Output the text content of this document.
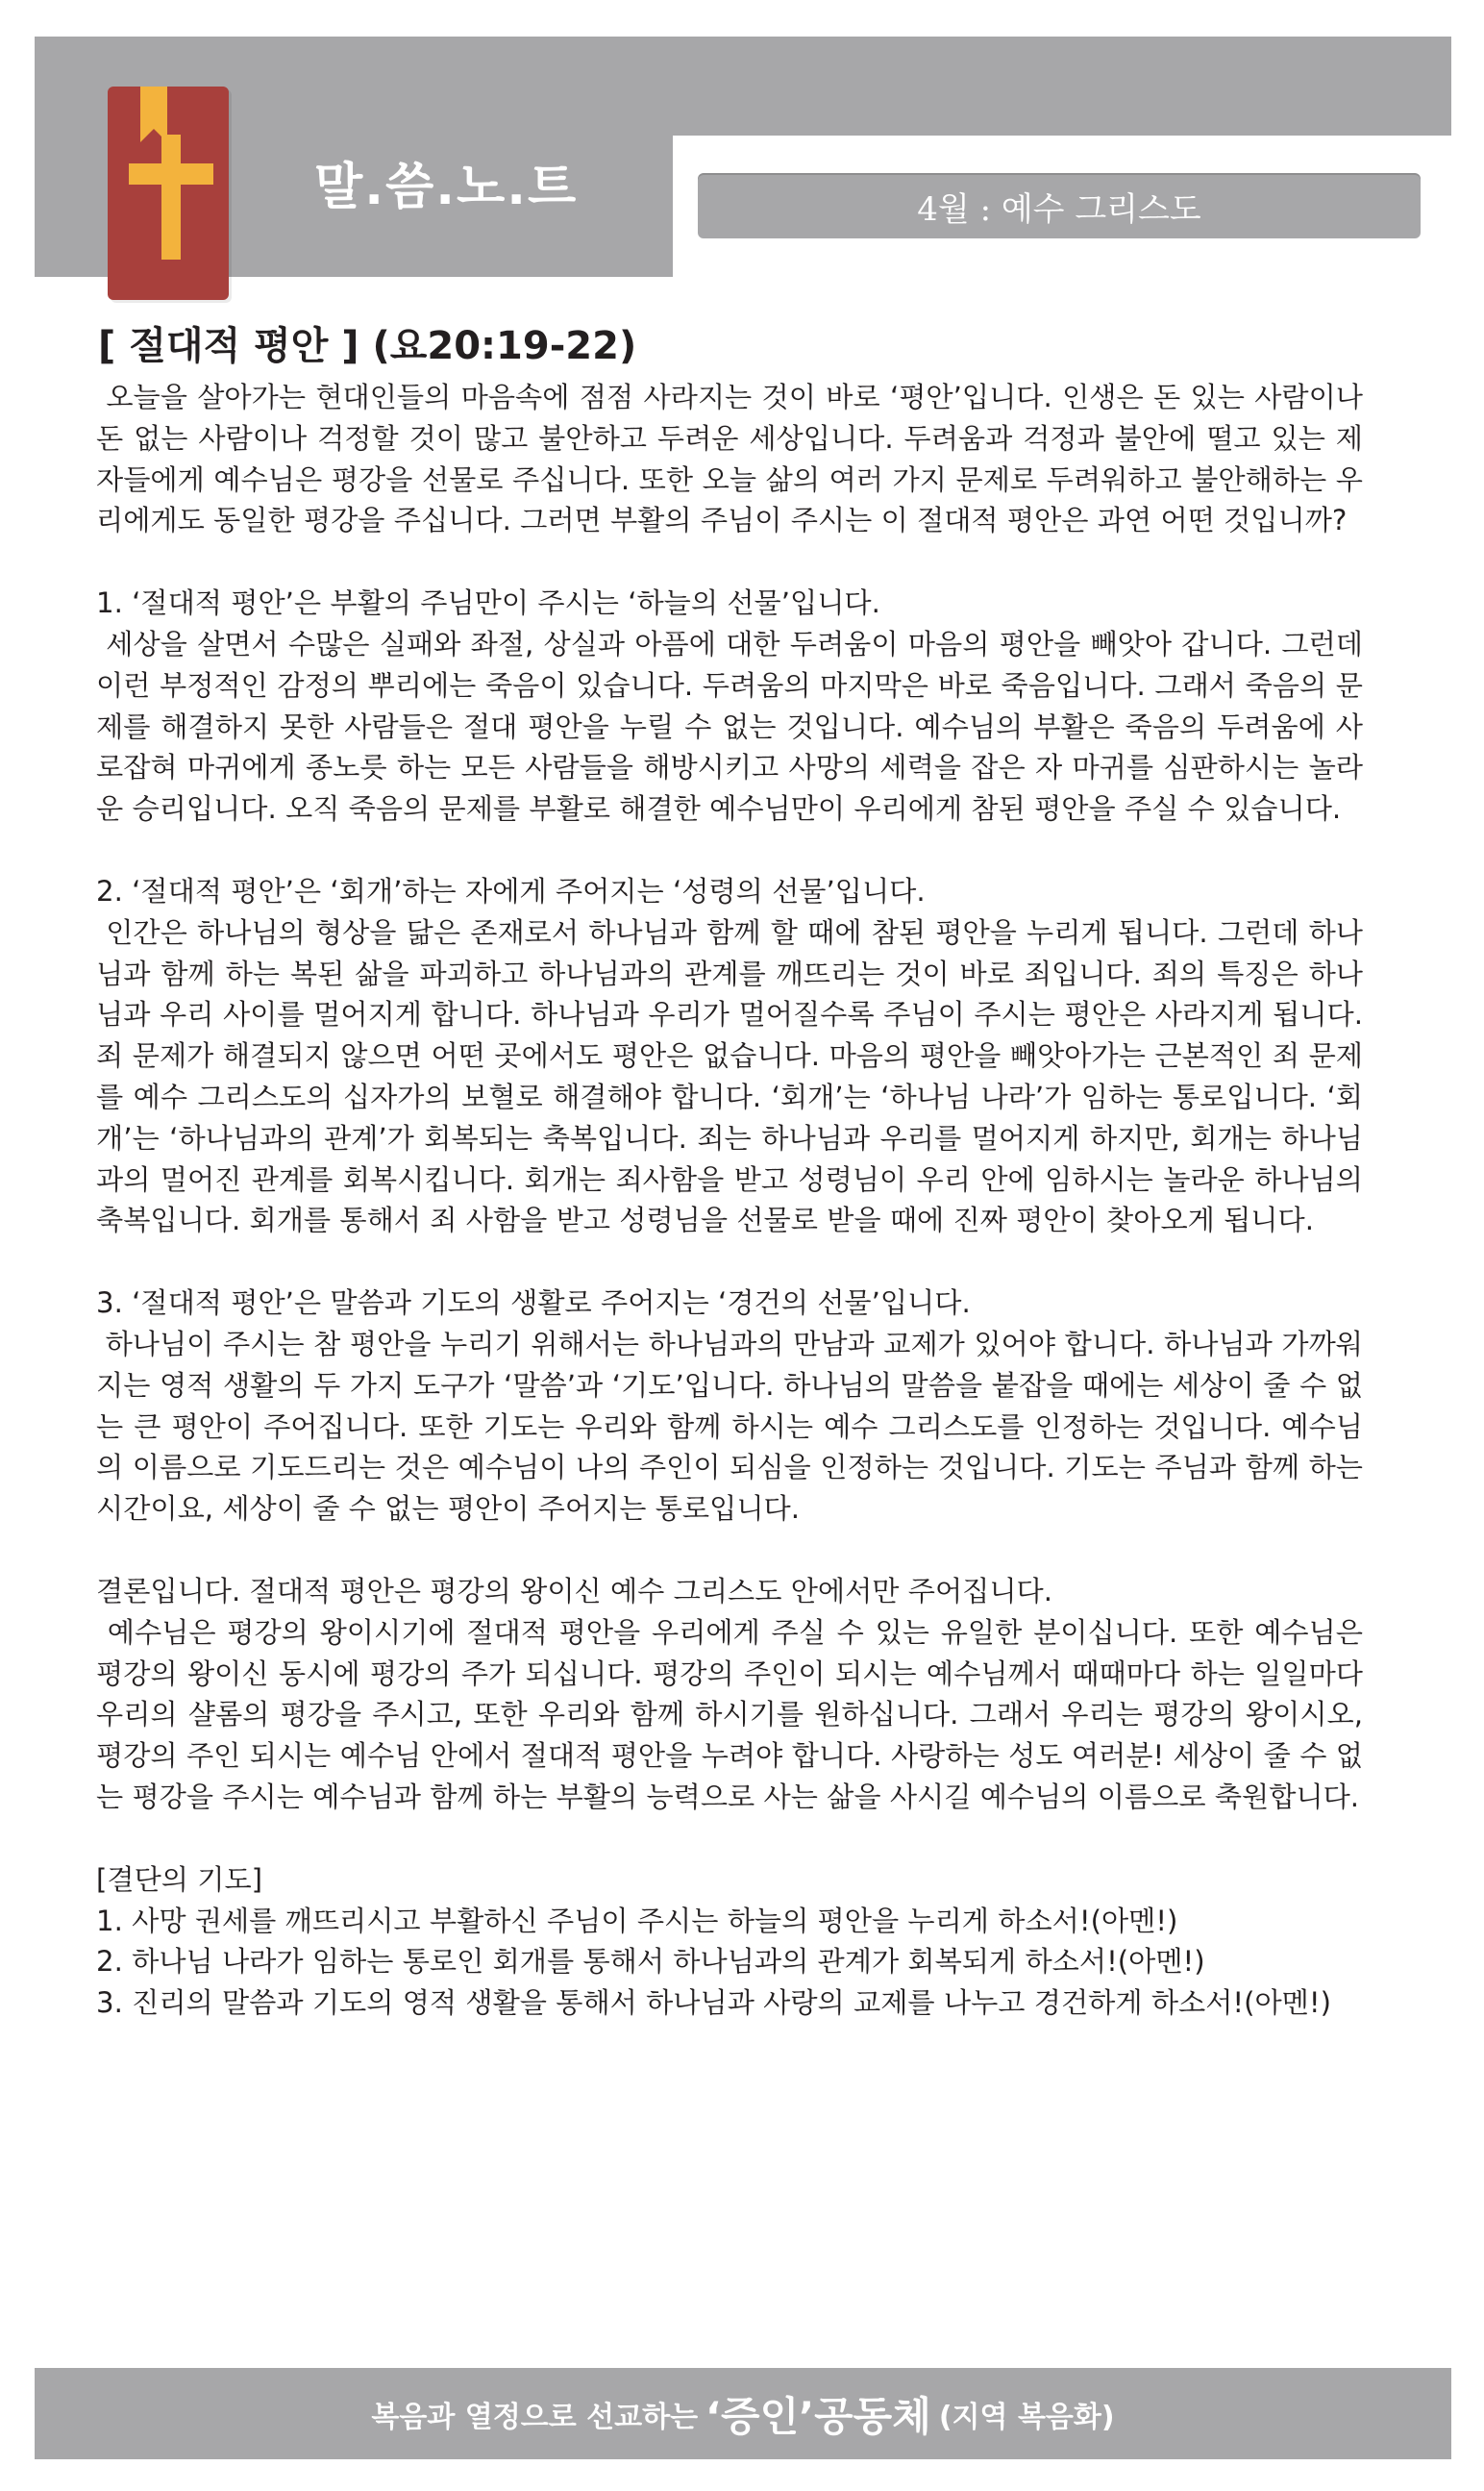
말.씀.노.트	4월 : 예수 그리스도
[ 절대적 평안 ] (요20:19-22)
오늘을 살아가는 현대인들의 마음속에 점점 사라지는 것이 바로 ‘평안’입니다. 인생은 돈 있는 사람이나 돈 없는 사람이나 걱정할 것이 많고 불안하고 두려운 세상입니다. 두려움과 걱정과 불안에 떨고 있는 제자들에게 예수님은 평강을 선물로 주십니다. 또한 오늘 삶의 여러 가지 문제로 두려워하고 불안해하는 우리에게도 동일한 평강을 주십니다. 그러면 부활의 주님이 주시는 이 절대적 평안은 과연 어떤 것입니까?
1. ‘절대적 평안’은 부활의 주님만이 주시는 ‘하늘의 선물’입니다.
세상을 살면서 수많은 실패와 좌절, 상실과 아픔에 대한 두려움이 마음의 평안을 빼앗아 갑니다. 그런데 이런 부정적인 감정의 뿌리에는 죽음이 있습니다. 두려움의 마지막은 바로 죽음입니다. 그래서 죽음의 문제를 해결하지 못한 사람들은 절대 평안을 누릴 수 없는 것입니다. 예수님의 부활은 죽음의 두려움에 사로잡혀 마귀에게 종노릇 하는 모든 사람들을 해방시키고 사망의 세력을 잡은 자 마귀를 심판하시는 놀라운 승리입니다. 오직 죽음의 문제를 부활로 해결한 예수님만이 우리에게 참된 평안을 주실 수 있습니다.
2. ‘절대적 평안’은 ‘회개’하는 자에게 주어지는 ‘성령의 선물’입니다.
인간은 하나님의 형상을 닮은 존재로서 하나님과 함께 할 때에 참된 평안을 누리게 됩니다. 그런데 하나님과 함께 하는 복된 삶을 파괴하고 하나님과의 관계를 깨뜨리는 것이 바로 죄입니다. 죄의 특징은 하나님과 우리 사이를 멀어지게 합니다. 하나님과 우리가 멀어질수록 주님이 주시는 평안은 사라지게 됩니다. 죄 문제가 해결되지 않으면 어떤 곳에서도 평안은 없습니다. 마음의 평안을 빼앗아가는 근본적인 죄 문제를 예수 그리스도의 십자가의 보혈로 해결해야 합니다. ‘회개’는 ‘하나님 나라’가 임하는 통로입니다. ‘회개’는 ‘하나님과의 관계’가 회복되는 축복입니다. 죄는 하나님과 우리를 멀어지게 하지만, 회개는 하나님과의 멀어진 관계를 회복시킵니다. 회개는 죄사함을 받고 성령님이 우리 안에 임하시는 놀라운 하나님의 축복입니다. 회개를 통해서 죄 사함을 받고 성령님을 선물로 받을 때에 진짜 평안이 찾아오게 됩니다.
3. ‘절대적 평안’은 말씀과 기도의 생활로 주어지는 ‘경건의 선물’입니다.
하나님이 주시는 참 평안을 누리기 위해서는 하나님과의 만남과 교제가 있어야 합니다. 하나님과 가까워지는 영적 생활의 두 가지 도구가 ‘말씀’과 ‘기도’입니다. 하나님의 말씀을 붙잡을 때에는 세상이 줄 수 없는 큰 평안이 주어집니다. 또한 기도는 우리와 함께 하시는 예수 그리스도를 인정하는 것입니다. 예수님의 이름으로 기도드리는 것은 예수님이 나의 주인이 되심을 인정하는 것입니다. 기도는 주님과 함께 하는 시간이요, 세상이 줄 수 없는 평안이 주어지는 통로입니다.
결론입니다. 절대적 평안은 평강의 왕이신 예수 그리스도 안에서만 주어집니다.
예수님은 평강의 왕이시기에 절대적 평안을 우리에게 주실 수 있는 유일한 분이십니다. 또한 예수님은 평강의 왕이신 동시에 평강의 주가 되십니다. 평강의 주인이 되시는 예수님께서 때때마다 하는 일일마다 우리의 샬롬의 평강을 주시고, 또한 우리와 함께 하시기를 원하십니다. 그래서 우리는 평강의 왕이시오, 평강의 주인 되시는 예수님 안에서 절대적 평안을 누려야 합니다. 사랑하는 성도 여러분! 세상이 줄 수 없는 평강을 주시는 예수님과 함께 하는 부활의 능력으로 사는 삶을 사시길 예수님의 이름으로 축원합니다.
[결단의 기도]
1. 사망 권세를 깨뜨리시고 부활하신 주님이 주시는 하늘의 평안을 누리게 하소서!(아멘!)
2. 하나님 나라가 임하는 통로인 회개를 통해서 하나님과의 관계가 회복되게 하소서!(아멘!)
3. 진리의 말씀과 기도의 영적 생활을 통해서 하나님과 사랑의 교제를 나누고 경건하게 하소서!(아멘!)
복음과 열정으로 선교하는 ‘증인’공동체 (지역 복음화)
